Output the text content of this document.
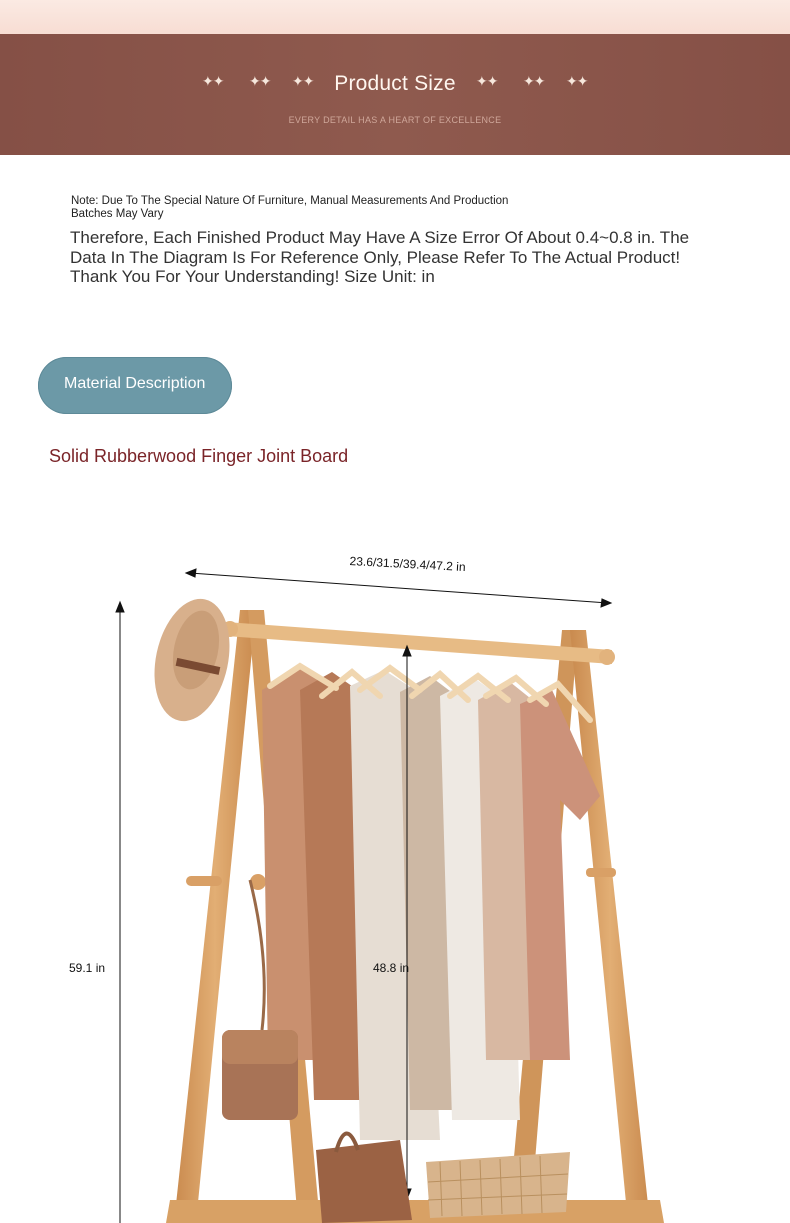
✦✦ ✦✦ ✦✦ Product Size	✦✦ ✦✦ ✦✦
EVERY DETAIL HAS A HEART OF EXCELLENCE
Note: Due To The Special Nature Of Furniture, Manual Measurements And Production Batches May Vary
Therefore, Each Finished Product May Have A Size Error Of About 0.4~0.8 in. The Data In The Diagram Is For Reference Only, Please Refer To The Actual Product! Thank You For Your Understanding! Size Unit: in
Material Description
Solid Rubberwood Finger Joint Board
23.6/31.5/39.4/47.2 in
59.1 in	48.8 in
